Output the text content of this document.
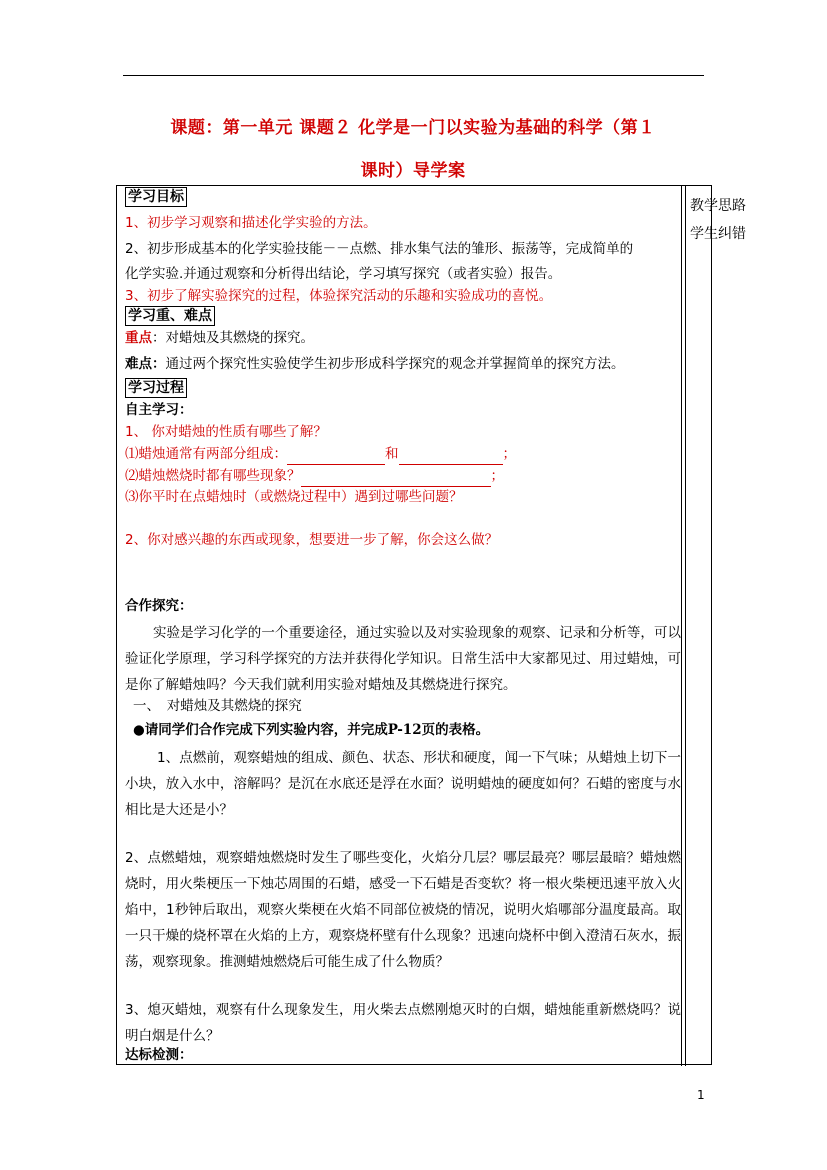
课题：第一单元 课题２ 化学是一门以实验为基础的科学（第１
课时）导学案
教学思路
学生纠错
学习目标
1、初步学习观察和描述化学实验的方法。
2、初步形成基本的化学实验技能－－点燃、排水集气法的雏形、振荡等，完成简单的
化学实验.并通过观察和分析得出结论，学习填写探究（或者实验）报告。
3、初步了解实验探究的过程，体验探究活动的乐趣和实验成功的喜悦。
学习重、难点
重点：对蜡烛及其燃烧的探究。
难点：通过两个探究性实验使学生初步形成科学探究的观念并掌握简单的探究方法。
学习过程
自主学习：
1、 你对蜡烛的性质有哪些了解？
⑴蜡烛通常有两部分组成：	和	；
⑵蜡烛燃烧时都有哪些现象？	；
⑶你平时在点蜡烛时（或燃烧过程中）遇到过哪些问题？
2、你对感兴趣的东西或现象，想要进一步了解，你会这么做？
合作探究：
实验是学习化学的一个重要途径，通过实验以及对实验现象的观察、记录和分析等，可以验证化学原理，学习科学探究的方法并获得化学知识。日常生活中大家都见过、用过蜡烛，可是你了解蜡烛吗？今天我们就利用实验对蜡烛及其燃烧进行探究。
一、　对蜡烛及其燃烧的探究
●请同学们合作完成下列实验内容，并完成P-12页的表格。
1、点燃前，观察蜡烛的组成、颜色、状态、形状和硬度，闻一下气味；从蜡烛上切下一小块，放入水中，溶解吗？是沉在水底还是浮在水面？说明蜡烛的硬度如何？石蜡的密度与水相比是大还是小？
2、点燃蜡烛，观察蜡烛燃烧时发生了哪些变化，火焰分几层？哪层最亮？哪层最暗？蜡烛燃烧时，用火柴梗压一下烛芯周围的石蜡，感受一下石蜡是否变软？将一根火柴梗迅速平放入火焰中，1秒钟后取出，观察火柴梗在火焰不同部位被烧的情况，说明火焰哪部分温度最高。取一只干燥的烧杯罩在火焰的上方，观察烧杯壁有什么现象？迅速向烧杯中倒入澄清石灰水，振荡，观察现象。推测蜡烛燃烧后可能生成了什么物质？
3、熄灭蜡烛，观察有什么现象发生，用火柴去点燃刚熄灭时的白烟，蜡烛能重新燃烧吗？说明白烟是什么？
达标检测：
1
